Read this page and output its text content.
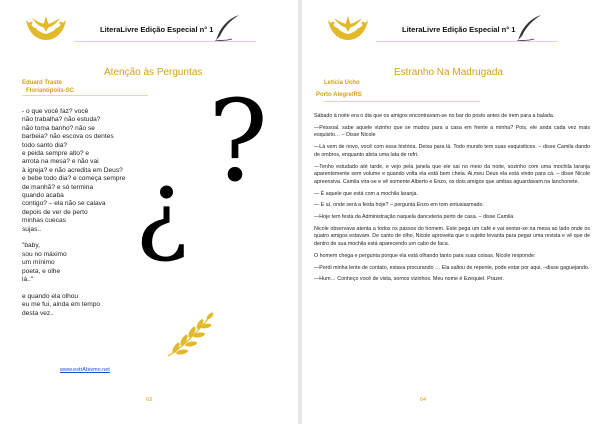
LiteraLivre Edição Especial n° 1
Atenção às Perguntas
Eduard Traste
Florianópolis-SC
- o que você faz? você
não trabalha? não estuda?
não toma banho? não se
barbeia? não escova os dentes
todo santo dia?
e peida sempre alto? e
arrota na mesa? e não vai
à igreja? e não acredita em Deus?
e bebe todo dia? e começa sempre
de manhã? e só termina
quando acaba
contigo? – ela não se calava
depois de ver de perto
minhas cuecas
sujas..
"baby,
sou no máximo
um mínimo
poeta, e olhe
lá.."
e quando ela olhou
eu me fui, ainda em tempo
desta vez..
www.estrAbismo.net
?
¿
63
LiteraLivre Edição Especial n° 1
Estranho Na Madrugada
Letícia Ucho
Porto Alegre/RS

Sábado à noite era o dia que os amigos encontravam-se no bar do posto antes de irem para a balada.

—Pessoal, sabe aquele vizinho que se mudou para a casa em frente a minha? Pois, ele anda cada vez mais esquisito… – Disse Nicole

—Lá vem de novo, você com essa história. Deixa para lá. Todo mundo tem suas esquisitices. – disse Camila dando de ombros, enquanto abria uma lata de refri.

—Tenho estudado até tarde, e vejo pela janela que ele sai no meio da noite, sozinho com uma mochila laranja aparentemente sem volume e quando volta ela está bem cheia. Ai,meu Deus ela está vindo para cá. – disse Nicole apreensiva. Camila vira-se e vê somente Alberto e Enzo, os dois amigos que ambas aguardavam na lanchonete.

— É aquele que está com a mochila laranja.

— E aí, onde será a festa hoje? – pergunta Enzo em tom entusiasmado.

—Hoje tem festa da Administração naquela danceteria perto de casa. – disse Camila

Nicole observava atenta a todos os passos do homem. Este pega um café e vai sentar-se na mesa ao lado onde os quatro amigos estavam. De canto de olho, Nicole aproveita que o sujeito levanta para pegar uma revista e vê que de dentro de sua mochila está aparecendo um cabo de faca.

O homem chega e pergunta porque ela está olhando tanto para suas coisas. Nicole responde:

—Perdi minha lente de contato, estava procurando … Ela saltou de repente, pode estar por aqui. –disse gaguejando.

—Hum… Conheço você de vista, somos vizinhos. Meu nome é Ezequiel. Prazer.

64
